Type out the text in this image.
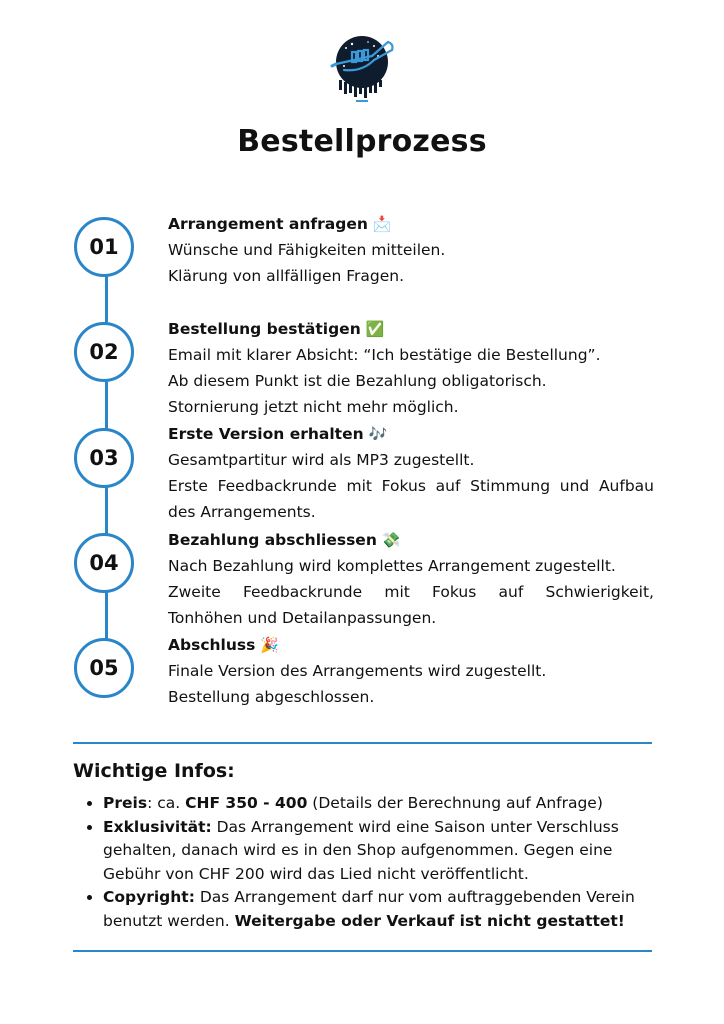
Bestellprozess
01
02
03
04
05
Arrangement anfragen 📩
Wünsche und Fähigkeiten mitteilen.
Klärung von allfälligen Fragen.
Bestellung bestätigen ✅
Email mit klarer Absicht: “Ich bestätige die Bestellung”.
Ab diesem Punkt ist die Bezahlung obligatorisch.
Stornierung jetzt nicht mehr möglich.
Erste Version erhalten 🎶
Gesamtpartitur wird als MP3 zugestellt.
Erste Feedbackrunde mit Fokus auf Stimmung und Aufbau
des Arrangements.
Bezahlung abschliessen 💸
Nach Bezahlung wird komplettes Arrangement zugestellt.
Zweite Feedbackrunde mit Fokus auf Schwierigkeit,
Tonhöhen und Detailanpassungen.
Abschluss 🎉
Finale Version des Arrangements wird zugestellt.
Bestellung abgeschlossen.
Wichtige Infos:
• Preis: ca. CHF 350 - 400 (Details der Berechnung auf Anfrage)
• Exklusivität: Das Arrangement wird eine Saison unter Verschluss gehalten, danach wird es in den Shop aufgenommen. Gegen eine Gebühr von CHF 200 wird das Lied nicht veröffentlicht.
• Copyright: Das Arrangement darf nur vom auftraggebenden Verein benutzt werden. Weitergabe oder Verkauf ist nicht gestattet!
